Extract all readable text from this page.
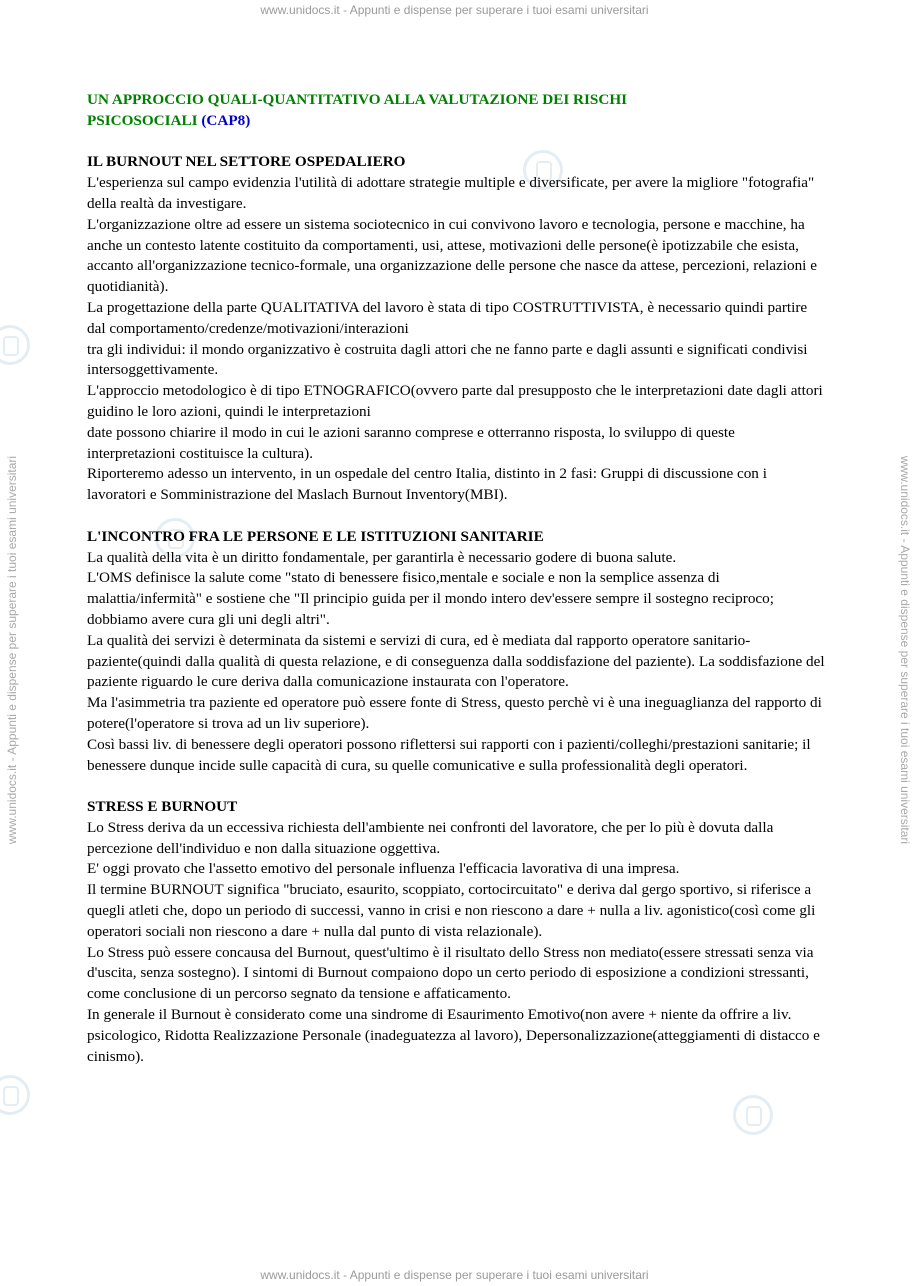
www.unidocs.it - Appunti e dispense per superare i tuoi esami universitari
www.unidocs.it - Appunti e dispense per superare i tuoi esami universitari
www.unidocs.it - Appunti e dispense per superare i tuoi esami universitari	www.unidocs.it - Appunti e dispense per superare i tuoi esami universitari
UN APPROCCIO QUALI-QUANTITATIVO ALLA VALUTAZIONE DEI RISCHI
PSICOSOCIALI (CAP8)
IL BURNOUT NEL SETTORE OSPEDALIERO
L'esperienza sul campo evidenzia l'utilità di adottare strategie multiple e diversificate, per avere la migliore "fotografia" della realtà da investigare.
L'organizzazione oltre ad essere un sistema sociotecnico in cui convivono lavoro e tecnologia, persone e macchine, ha anche un contesto latente costituito da comportamenti, usi, attese, motivazioni delle persone(è ipotizzabile che esista, accanto all'organizzazione tecnico-formale, una organizzazione delle persone che nasce da attese, percezioni, relazioni e quotidianità).
La progettazione della parte QUALITATIVA del lavoro è stata di tipo COSTRUTTIVISTA, è necessario quindi partire dal comportamento/credenze/motivazioni/interazioni
tra gli individui: il mondo organizzativo è costruita dagli attori che ne fanno parte e dagli assunti e significati condivisi intersoggettivamente.
L'approccio metodologico è di tipo ETNOGRAFICO(ovvero parte dal presupposto che le interpretazioni date dagli attori guidino le loro azioni, quindi le interpretazioni
date possono chiarire il modo in cui le azioni saranno comprese e otterranno risposta, lo sviluppo di queste interpretazioni costituisce la cultura).
Riporteremo adesso un intervento, in un ospedale del centro Italia, distinto in 2 fasi: Gruppi di discussione con i lavoratori e Somministrazione del Maslach Burnout Inventory(MBI).
L'INCONTRO FRA LE PERSONE E LE ISTITUZIONI SANITARIE
La qualità della vita è un diritto fondamentale, per garantirla è necessario godere di buona salute.
L'OMS definisce la salute come "stato di benessere fisico,mentale e sociale e non la semplice assenza di malattia/infermità" e sostiene che "Il principio guida per il mondo intero dev'essere sempre il sostegno reciproco; dobbiamo avere cura gli uni degli altri".
La qualità dei servizi è determinata da sistemi e servizi di cura, ed è mediata dal rapporto operatore sanitario-paziente(quindi dalla qualità di questa relazione, e di conseguenza dalla soddisfazione del paziente). La soddisfazione del paziente riguardo le cure deriva dalla comunicazione instaurata con l'operatore.
Ma l'asimmetria tra paziente ed operatore può essere fonte di Stress, questo perchè vi è una ineguaglianza del rapporto di potere(l'operatore si trova ad un liv superiore).
Così bassi liv. di benessere degli operatori possono riflettersi sui rapporti con i pazienti/colleghi/prestazioni sanitarie; il benessere dunque incide sulle capacità di cura, su quelle comunicative e sulla professionalità degli operatori.
STRESS E BURNOUT
Lo Stress deriva da un eccessiva richiesta dell'ambiente nei confronti del lavoratore, che per lo più è dovuta dalla percezione dell'individuo e non dalla situazione oggettiva.
E' oggi provato che l'assetto emotivo del personale influenza l'efficacia lavorativa di una impresa.
Il termine BURNOUT significa "bruciato, esaurito, scoppiato, cortocircuitato" e deriva dal gergo sportivo, si riferisce a quegli atleti che, dopo un periodo di successi, vanno in crisi e non riescono a dare + nulla a liv. agonistico(così come gli operatori sociali non riescono a dare + nulla dal punto di vista relazionale).
Lo Stress può essere concausa del Burnout, quest'ultimo è il risultato dello Stress non mediato(essere stressati senza via d'uscita, senza sostegno). I sintomi di Burnout compaiono dopo un certo periodo di esposizione a condizioni stressanti, come conclusione di un percorso segnato da tensione e affaticamento.
In generale il Burnout è considerato come una sindrome di Esaurimento Emotivo(non avere + niente da offrire a liv. psicologico, Ridotta Realizzazione Personale (inadeguatezza al lavoro), Depersonalizzazione(atteggiamenti di distacco e cinismo).
